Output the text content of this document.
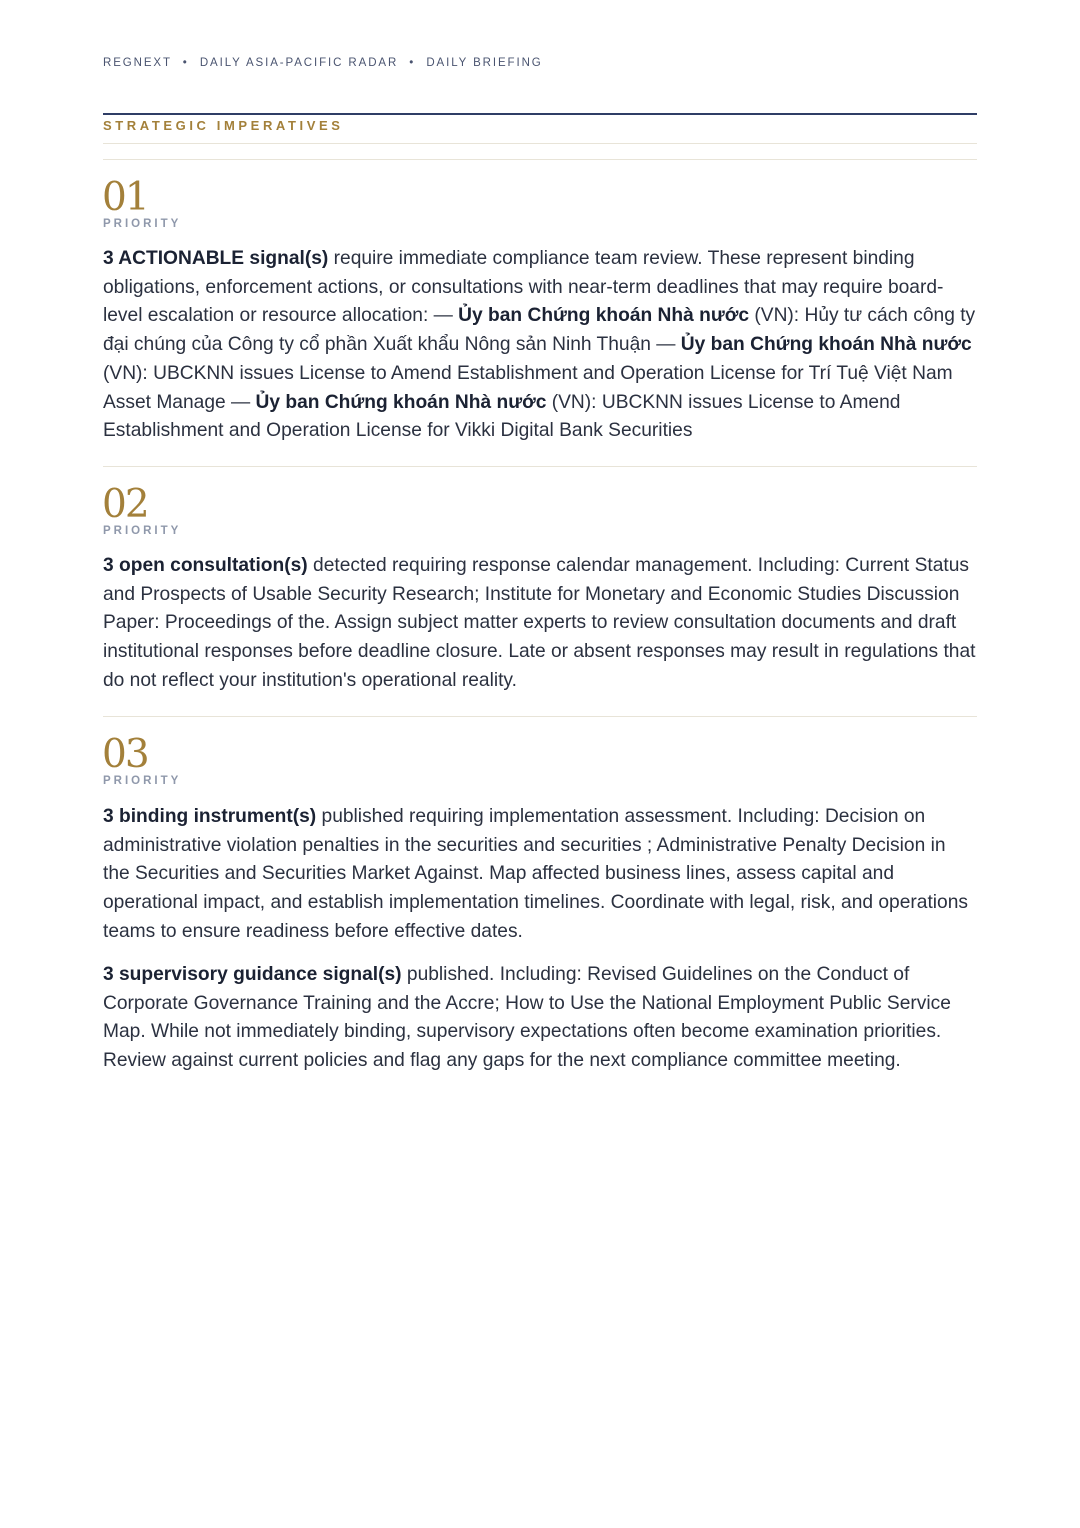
REGNEXT • DAILY ASIA-PACIFIC RADAR • DAILY BRIEFING
STRATEGIC IMPERATIVES
01
PRIORITY

3 ACTIONABLE signal(s) require immediate compliance team review. These represent binding obligations, enforcement actions, or consultations with near-term deadlines that may require board-level escalation or resource allocation: — Ủy ban Chứng khoán Nhà nước (VN): Hủy tư cách công ty đại chúng của Công ty cổ phần Xuất khẩu Nông sản Ninh Thuận — Ủy ban Chứng khoán Nhà nước (VN): UBCKNN issues License to Amend Establishment and Operation License for Trí Tuệ Việt Nam Asset Manage — Ủy ban Chứng khoán Nhà nước (VN): UBCKNN issues License to Amend Establishment and Operation License for Vikki Digital Bank Securities

02
PRIORITY

3 open consultation(s) detected requiring response calendar management. Including: Current Status and Prospects of Usable Security Research; Institute for Monetary and Economic Studies Discussion Paper: Proceedings of the. Assign subject matter experts to review consultation documents and draft institutional responses before deadline closure. Late or absent responses may result in regulations that do not reflect your institution's operational reality.

03
PRIORITY

3 binding instrument(s) published requiring implementation assessment. Including: Decision on administrative violation penalties in the securities and securities ; Administrative Penalty Decision in the Securities and Securities Market Against. Map affected business lines, assess capital and operational impact, and establish implementation timelines. Coordinate with legal, risk, and operations teams to ensure readiness before effective dates.

3 supervisory guidance signal(s) published. Including: Revised Guidelines on the Conduct of Corporate Governance Training and the Accre; How to Use the National Employment Public Service Map. While not immediately binding, supervisory expectations often become examination priorities. Review against current policies and flag any gaps for the next compliance committee meeting.
